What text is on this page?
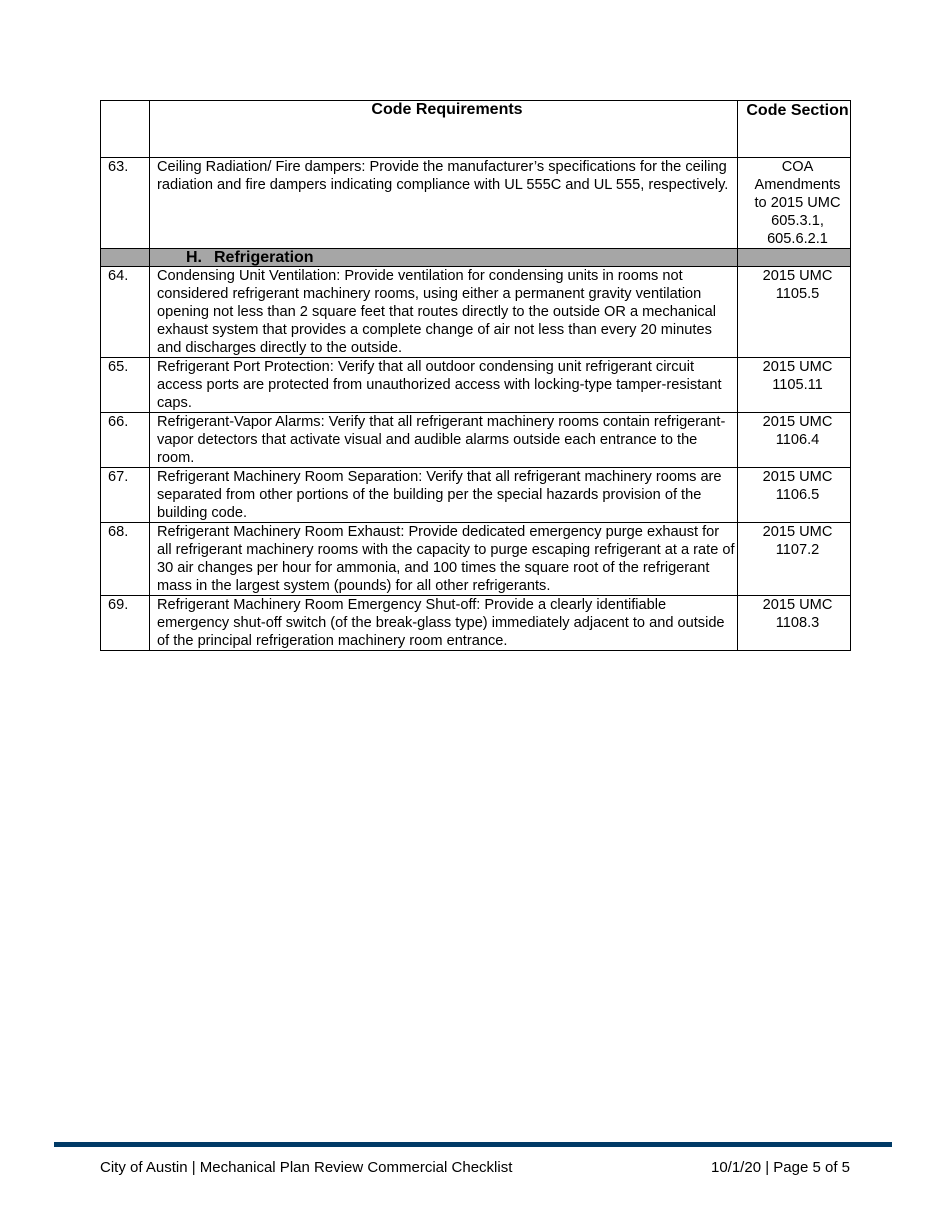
	Code Requirements	Code Section
63.	Ceiling Radiation/ Fire dampers: Provide the manufacturer’s specifications for the ceiling radiation and fire dampers indicating compliance with UL 555C and UL 555, respectively.	COA
Amendments
to 2015 UMC
605.3.1,
605.6.2.1

	H. Refrigeration	
64.	Condensing Unit Ventilation: Provide ventilation for condensing units in rooms not considered refrigerant machinery rooms, using either a permanent gravity ventilation opening not less than 2 square feet that routes directly to the outside OR a mechanical exhaust system that provides a complete change of air not less than every 20 minutes and discharges directly to the outside.	2015 UMC
1105.5

65.	Refrigerant Port Protection: Verify that all outdoor condensing unit refrigerant circuit access ports are protected from unauthorized access with locking-type tamper-resistant caps.	2015 UMC
1105.11

66.	Refrigerant-Vapor Alarms: Verify that all refrigerant machinery rooms contain refrigerant-vapor detectors that activate visual and audible alarms outside each entrance to the room.	2015 UMC
1106.4

67.	Refrigerant Machinery Room Separation: Verify that all refrigerant machinery rooms are separated from other portions of the building per the special hazards provision of the building code.	2015 UMC
1106.5

68.	Refrigerant Machinery Room Exhaust: Provide dedicated emergency purge exhaust for all refrigerant machinery rooms with the capacity to purge escaping refrigerant at a rate of 30 air changes per hour for ammonia, and 100 times the square root of the refrigerant mass in the largest system (pounds) for all other refrigerants.	2015 UMC
1107.2

69.	Refrigerant Machinery Room Emergency Shut-off: Provide a clearly identifiable emergency shut-off switch (of the break-glass type) immediately adjacent to and outside of the principal refrigeration machinery room entrance.	2015 UMC
1108.3
City of Austin | Mechanical Plan Review Commercial Checklist	10/1/20 | Page 5 of 5
